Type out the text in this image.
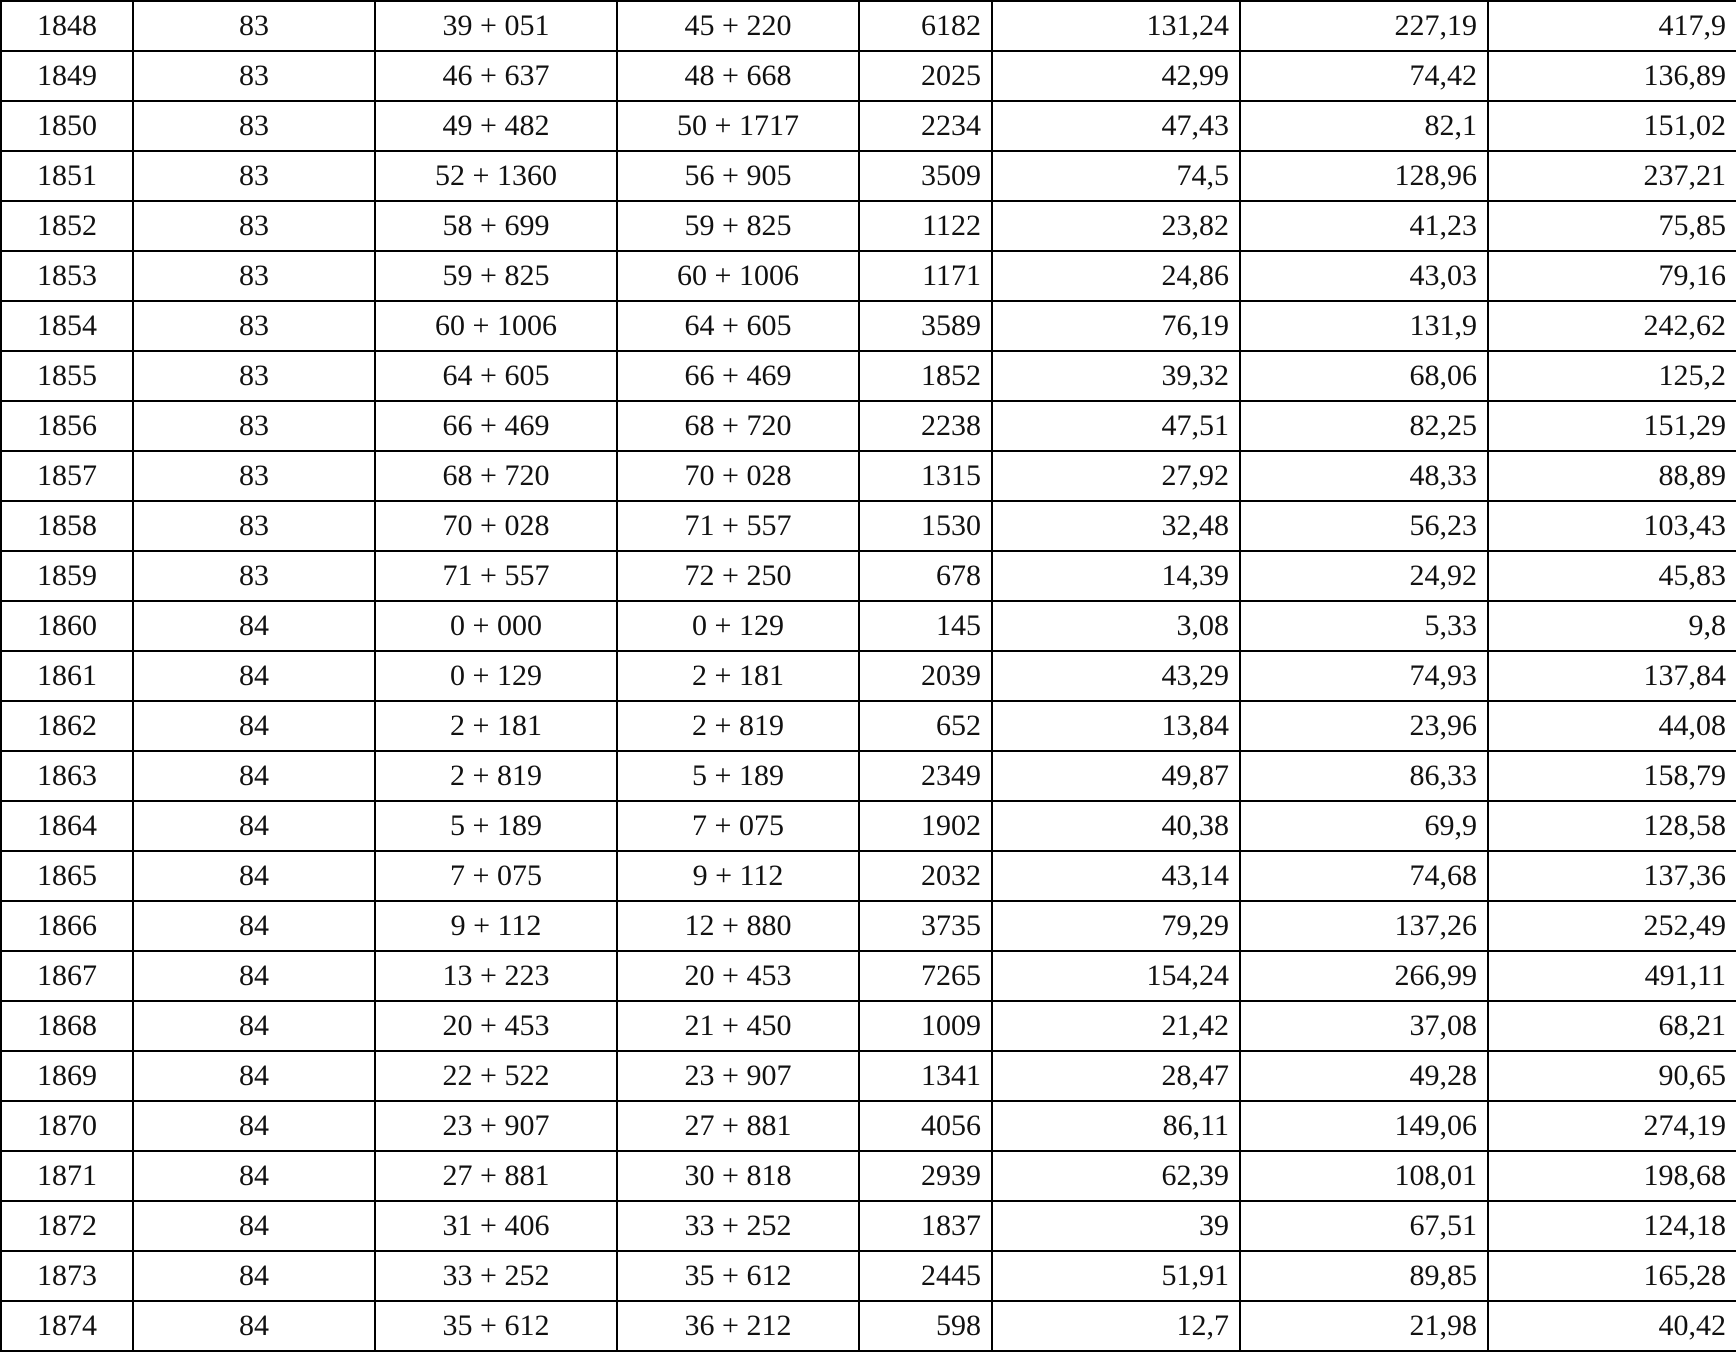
1848	83	39 + 051	45 + 220	6182	131,24	227,19	417,9
1849	83	46 + 637	48 + 668	2025	42,99	74,42	136,89
1850	83	49 + 482	50 + 1717	2234	47,43	82,1	151,02
1851	83	52 + 1360	56 + 905	3509	74,5	128,96	237,21
1852	83	58 + 699	59 + 825	1122	23,82	41,23	75,85
1853	83	59 + 825	60 + 1006	1171	24,86	43,03	79,16
1854	83	60 + 1006	64 + 605	3589	76,19	131,9	242,62
1855	83	64 + 605	66 + 469	1852	39,32	68,06	125,2
1856	83	66 + 469	68 + 720	2238	47,51	82,25	151,29
1857	83	68 + 720	70 + 028	1315	27,92	48,33	88,89
1858	83	70 + 028	71 + 557	1530	32,48	56,23	103,43
1859	83	71 + 557	72 + 250	678	14,39	24,92	45,83
1860	84	0 + 000	0 + 129	145	3,08	5,33	9,8
1861	84	0 + 129	2 + 181	2039	43,29	74,93	137,84
1862	84	2 + 181	2 + 819	652	13,84	23,96	44,08
1863	84	2 + 819	5 + 189	2349	49,87	86,33	158,79
1864	84	5 + 189	7 + 075	1902	40,38	69,9	128,58
1865	84	7 + 075	9 + 112	2032	43,14	74,68	137,36
1866	84	9 + 112	12 + 880	3735	79,29	137,26	252,49
1867	84	13 + 223	20 + 453	7265	154,24	266,99	491,11
1868	84	20 + 453	21 + 450	1009	21,42	37,08	68,21
1869	84	22 + 522	23 + 907	1341	28,47	49,28	90,65
1870	84	23 + 907	27 + 881	4056	86,11	149,06	274,19
1871	84	27 + 881	30 + 818	2939	62,39	108,01	198,68
1872	84	31 + 406	33 + 252	1837	39	67,51	124,18
1873	84	33 + 252	35 + 612	2445	51,91	89,85	165,28
1874	84	35 + 612	36 + 212	598	12,7	21,98	40,42
